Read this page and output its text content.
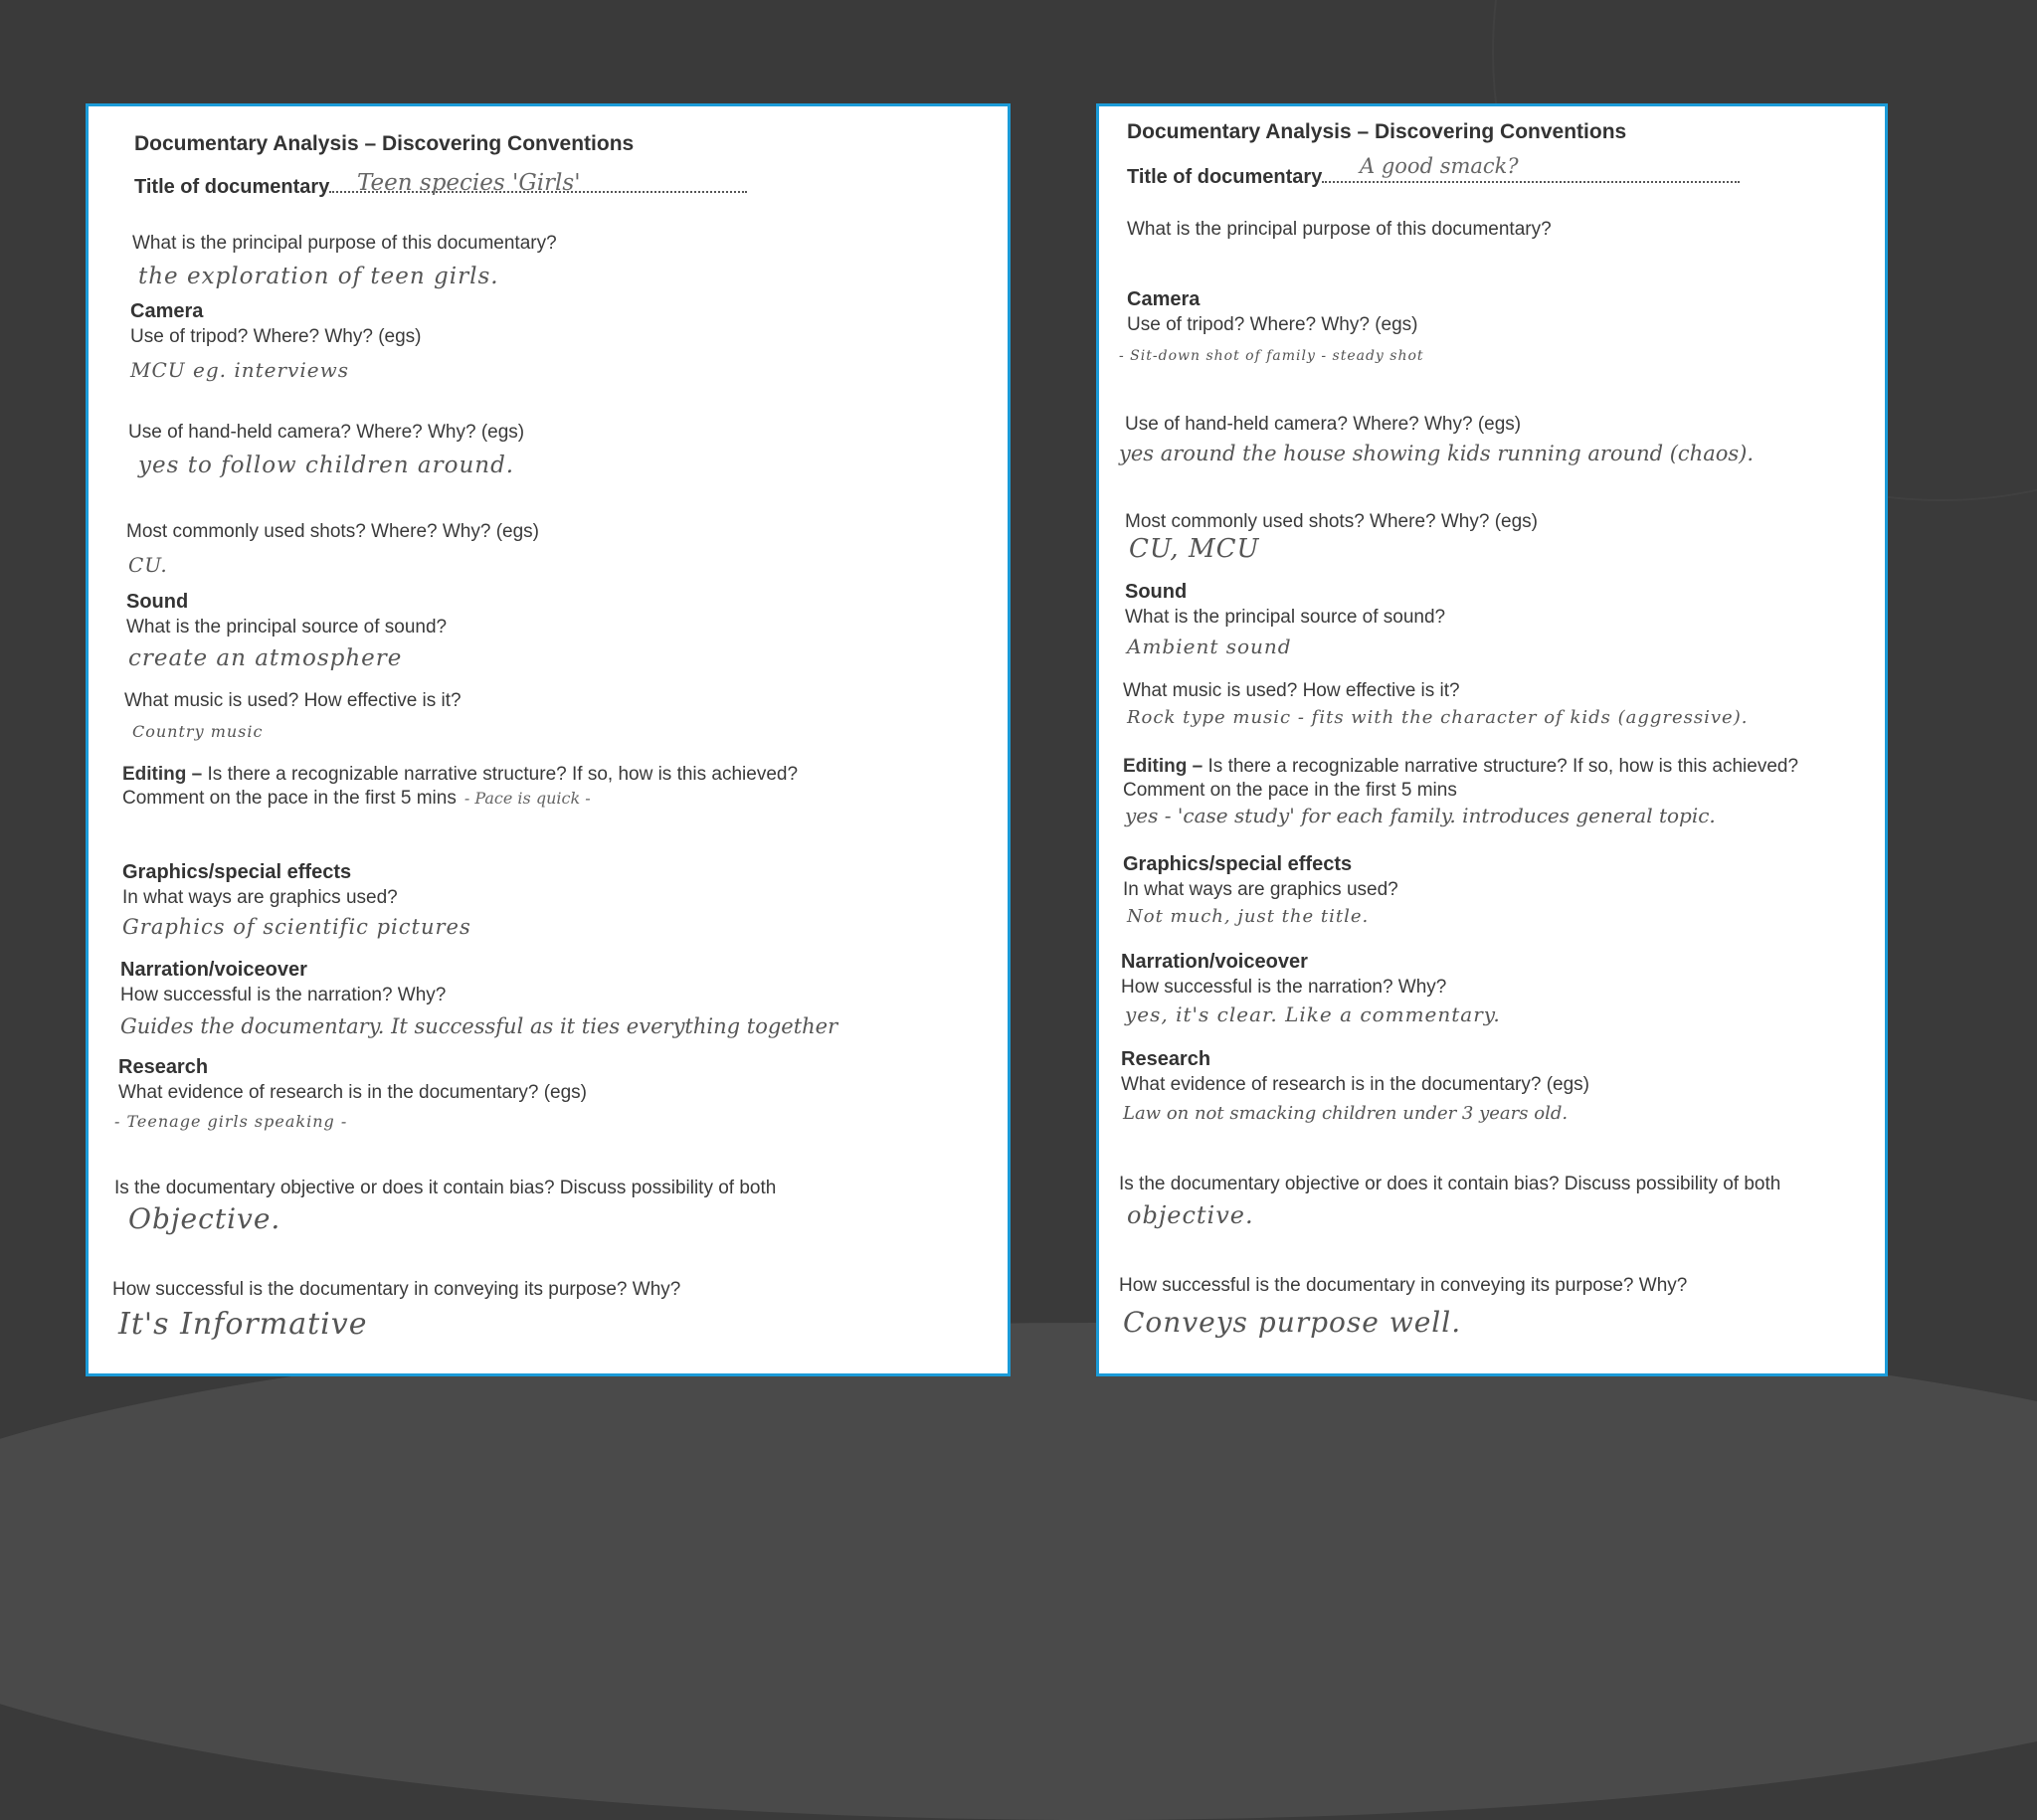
Documentary Analysis – Discovering Conventions
Title of documentary	Teen species 'Girls'

What is the principal purpose of this documentary?

the exploration of teen girls.

Camera

Use of tripod? Where? Why? (egs)

MCU eg. interviews

Use of hand-held camera? Where? Why? (egs)

yes to follow children around.

Most commonly used shots? Where? Why? (egs)

CU.

Sound

What is the principal source of sound?

create an atmosphere

What music is used? How effective is it?

Country music

Editing – Is there a recognizable narrative structure? If so, how is this achieved?

Comment on the pace in the first 5 mins - Pace is quick -

Graphics/special effects

In what ways are graphics used?

Graphics of scientific pictures

Narration/voiceover

How successful is the narration? Why?

Guides the documentary. It successful as it ties everything together

Research

What evidence of research is in the documentary? (egs)

- Teenage girls speaking -

Is the documentary objective or does it contain bias? Discuss possibility of both

Objective.

How successful is the documentary in conveying its purpose? Why?

It's Informative
Documentary Analysis – Discovering Conventions
Title of documentary	A good smack?

What is the principal purpose of this documentary?

Camera

Use of tripod? Where? Why? (egs)

- Sit-down shot of family - steady shot

Use of hand-held camera? Where? Why? (egs)

yes around the house showing kids running around (chaos).

Most commonly used shots? Where? Why? (egs)

CU, MCU

Sound

What is the principal source of sound?

Ambient sound

What music is used? How effective is it?

Rock type music - fits with the character of kids (aggressive).

Editing – Is there a recognizable narrative structure? If so, how is this achieved?

Comment on the pace in the first 5 mins

yes - 'case study' for each family. introduces general topic.

Graphics/special effects

In what ways are graphics used?

Not much, just the title.

Narration/voiceover

How successful is the narration? Why?

yes, it's clear. Like a commentary.

Research

What evidence of research is in the documentary? (egs)

Law on not smacking children under 3 years old.

Is the documentary objective or does it contain bias? Discuss possibility of both

objective.

How successful is the documentary in conveying its purpose? Why?

Conveys purpose well.
